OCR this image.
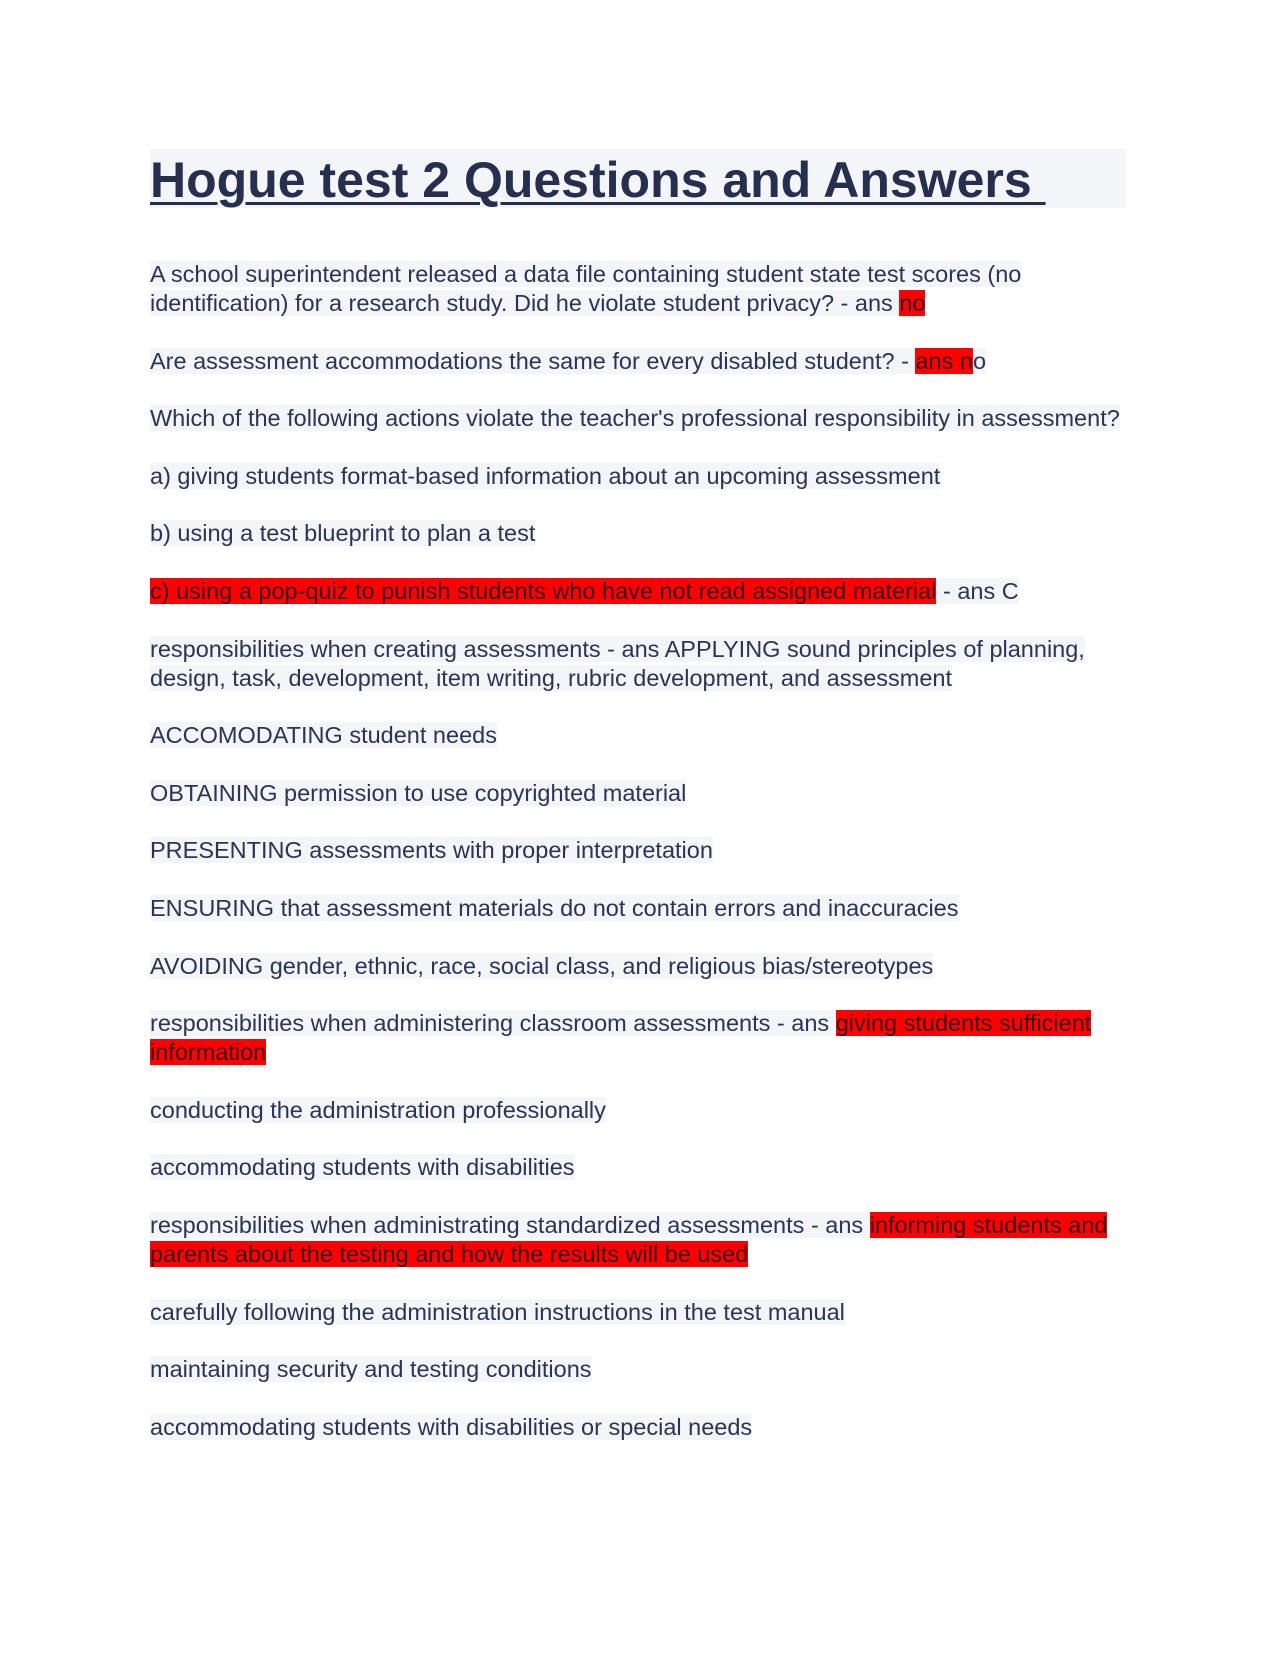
Hogue test 2 Questions and Answers

A school superintendent released a data file containing student state test scores (no identification) for a research study. Did he violate student privacy? - ans no

Are assessment accommodations the same for every disabled student? - ans no

Which of the following actions violate the teacher's professional responsibility in assessment?

a) giving students format-based information about an upcoming assessment

b) using a test blueprint to plan a test

c) using a pop-quiz to punish students who have not read assigned material - ans C

responsibilities when creating assessments - ans APPLYING sound principles of planning, design, task, development, item writing, rubric development, and assessment

ACCOMODATING student needs

OBTAINING permission to use copyrighted material

PRESENTING assessments with proper interpretation

ENSURING that assessment materials do not contain errors and inaccuracies

AVOIDING gender, ethnic, race, social class, and religious bias/stereotypes

responsibilities when administering classroom assessments - ans giving students sufficient information

conducting the administration professionally

accommodating students with disabilities

responsibilities when administrating standardized assessments - ans informing students and parents about the testing and how the results will be used

carefully following the administration instructions in the test manual

maintaining security and testing conditions

accommodating students with disabilities or special needs
